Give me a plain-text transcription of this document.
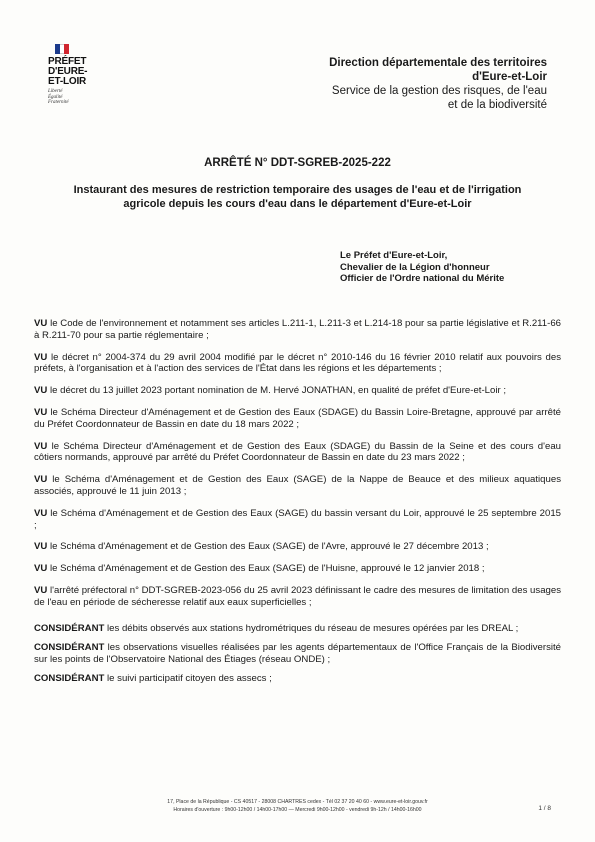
PRÉFET
D'EURE-
ET-LOIR
Liberté
Égalité
Fraternité
Direction départementale des territoires
d'Eure-et-Loir
Service de la gestion des risques, de l'eau
et de la biodiversité
ARRÊTÉ N° DDT-SGREB-2025-222
Instaurant des mesures de restriction temporaire des usages de l'eau et de l'irrigation agricole depuis les cours d'eau dans le département d'Eure-et-Loir
Le Préfet d'Eure-et-Loir,
Chevalier de la Légion d'honneur
Officier de l'Ordre national du Mérite

VU le Code de l'environnement et notamment ses articles L.211-1, L.211-3 et L.214-18 pour sa partie législative et R.211-66 à R.211-70 pour sa partie réglementaire ;

VU le décret n° 2004-374 du 29 avril 2004 modifié par le décret n° 2010-146 du 16 février 2010 relatif aux pouvoirs des préfets, à l'organisation et à l'action des services de l'État dans les régions et les départements ;

VU le décret du 13 juillet 2023 portant nomination de M. Hervé JONATHAN, en qualité de préfet d'Eure-et-Loir ;

VU le Schéma Directeur d'Aménagement et de Gestion des Eaux (SDAGE) du Bassin Loire-Bretagne, approuvé par arrêté du Préfet Coordonnateur de Bassin en date du 18 mars 2022 ;

VU le Schéma Directeur d'Aménagement et de Gestion des Eaux (SDAGE) du Bassin de la Seine et des cours d'eau côtiers normands, approuvé par arrêté du Préfet Coordonnateur de Bassin en date du 23 mars 2022 ;

VU le Schéma d'Aménagement et de Gestion des Eaux (SAGE) de la Nappe de Beauce et des milieux aquatiques associés, approuvé le 11 juin 2013 ;

VU le Schéma d'Aménagement et de Gestion des Eaux (SAGE) du bassin versant du Loir, approuvé le 25 septembre 2015 ;

VU le Schéma d'Aménagement et de Gestion des Eaux (SAGE) de l'Avre, approuvé le 27 décembre 2013 ;

VU le Schéma d'Aménagement et de Gestion des Eaux (SAGE) de l'Huisne, approuvé le 12 janvier 2018 ;

VU l'arrêté préfectoral n° DDT-SGREB-2023-056 du 25 avril 2023 définissant le cadre des mesures de limitation des usages de l'eau en période de sécheresse relatif aux eaux superficielles ;

CONSIDÉRANT les débits observés aux stations hydrométriques du réseau de mesures opérées par les DREAL ;

CONSIDÉRANT les observations visuelles réalisées par les agents départementaux de l'Office Français de la Biodiversité sur les points de l'Observatoire National des Étiages (réseau ONDE) ;

CONSIDÉRANT le suivi participatif citoyen des assecs ;

17, Place de la République - CS 40517 - 28008 CHARTRES cedex - Tél 02 37 20 40 60 - www.eure-et-loir.gouv.fr
Horaires d'ouverture : 9h00-12h00 / 14h00-17h00 — Mercredi 9h00-12h00 - vendredi 9h-12h / 14h00-16h00	1 / 8
